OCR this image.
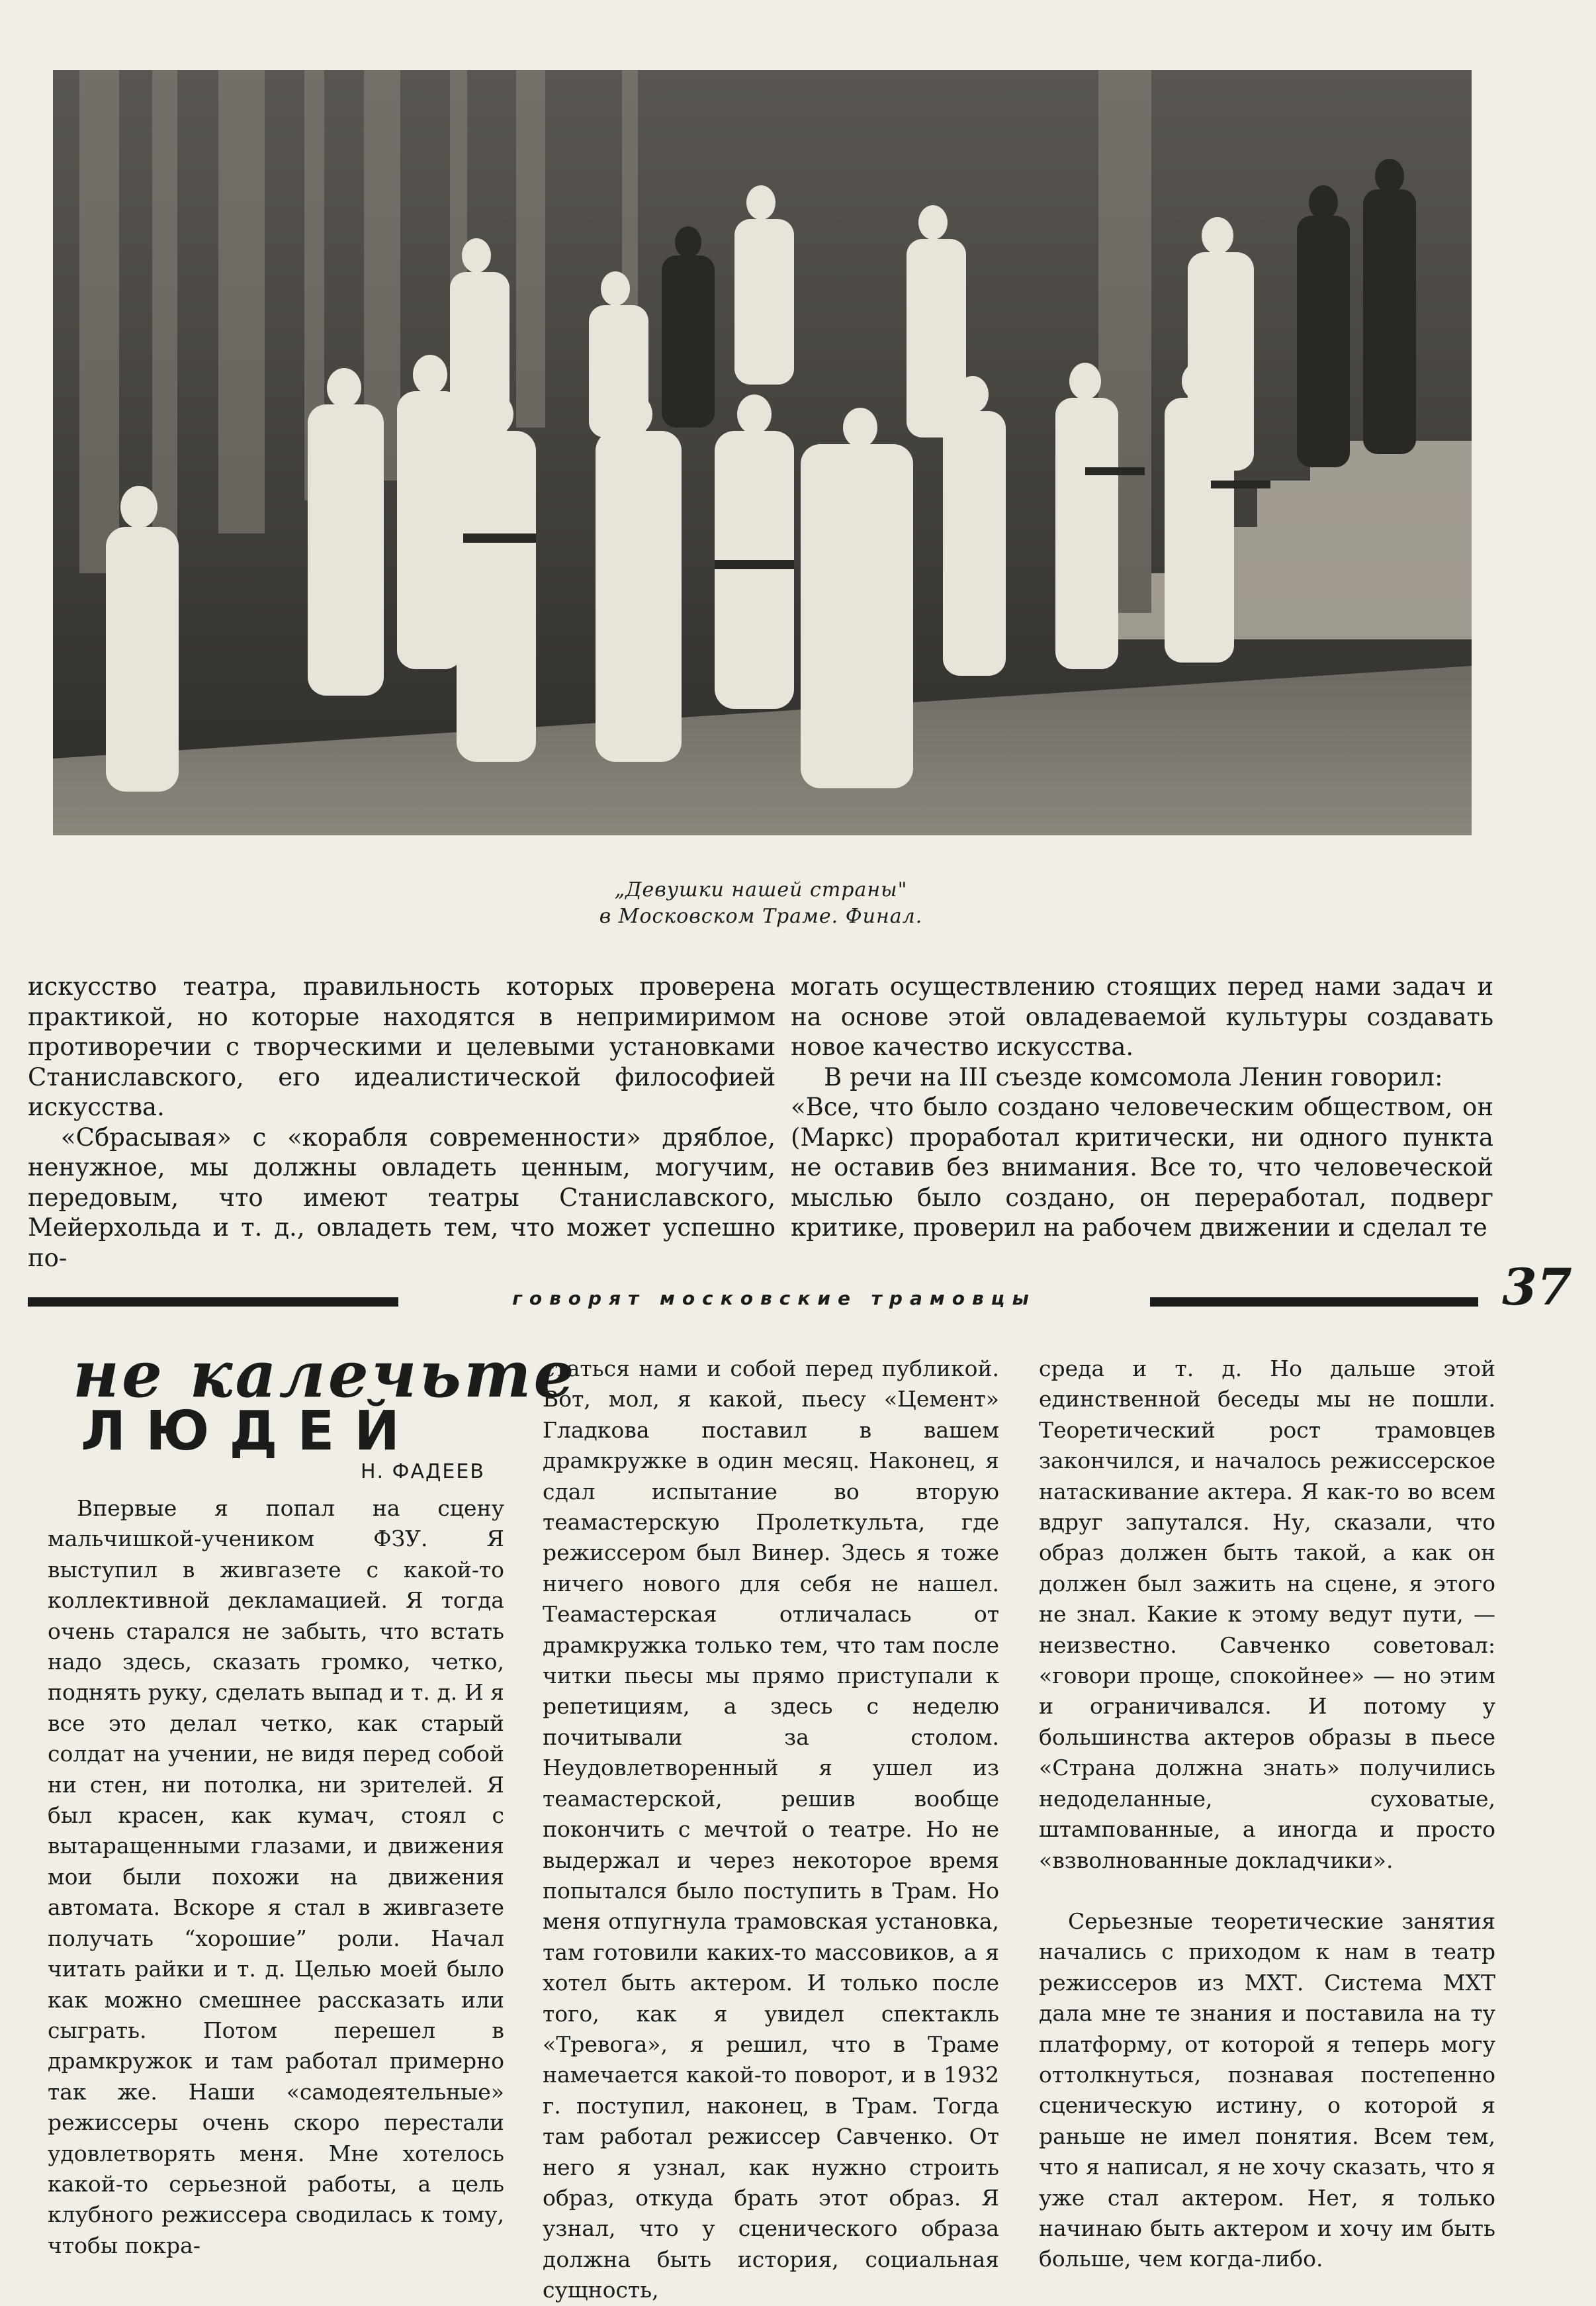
„Девушки нашей страны"
в Московском Траме. Финал.

искусство театра, правильность которых проверена практикой, но которые находятся в непримиримом противоречии с творческими и целевыми установками Станиславского, его идеалистической философией искусства.

«Сбрасывая» с «корабля современности» дряблое, ненужное, мы должны овладеть ценным, могучим, передовым, что имеют театры Станиславского, Мейерхольда и т. д., овладеть тем, что может успешно по-

могать осуществлению стоящих перед нами задач и на основе этой овладеваемой культуры создавать новое качество искусства.

В речи на III съезде комсомола Ленин говорил:

«Все, что было создано человеческим обществом, он (Маркс) проработал критически, ни одного пункта не оставив без внимания. Все то, что человеческой мыслью было создано, он переработал, подверг критике, проверил на рабочем движении и сделал те

говорят московские трамовцы	37
не калечьте
ЛЮДЕЙ
Н. ФАДЕЕВ

Впервые я попал на сцену мальчишкой-учеником ФЗУ. Я выступил в живгазете с какой-то коллективной декламацией. Я тогда очень старался не забыть, что встать надо здесь, сказать громко, четко, поднять руку, сделать выпад и т. д. И я все это делал четко, как старый солдат на учении, не видя перед собой ни стен, ни потолка, ни зрителей. Я был красен, как кумач, стоял с вытаращенными глазами, и движения мои были похожи на движения автомата. Вскоре я стал в живгазете получать “хорошие” роли. Начал читать райки и т. д. Целью моей было как можно смешнее рассказать или сыграть. Потом перешел в драмкружок и там работал примерно так же. Наши «самодеятельные» режиссеры очень скоро перестали удовлетворять меня. Мне хотелось какой-то серьезной работы, а цель клубного режиссера сводилась к тому, чтобы покра-

статься нами и собой перед публикой. Вот, мол, я какой, пьесу «Цемент» Гладкова поставил в вашем драмкружке в один месяц. Наконец, я сдал испытание во вторую теамастерскую Пролеткульта, где режиссером был Винер. Здесь я тоже ничего нового для себя не нашел. Теамастерская отличалась от драмкружка только тем, что там после читки пьесы мы прямо приступали к репетициям, а здесь с неделю почитывали за столом. Неудовлетворенный я ушел из теамастерской, решив вообще покончить с мечтой о театре. Но не выдержал и через некоторое время попытался было поступить в Трам. Но меня отпугнула трамовская установка, там готовили каких-то массовиков, а я хотел быть актером. И только после того, как я увидел спектакль «Тревога», я решил, что в Траме намечается какой-то поворот, и в 1932 г. поступил, наконец, в Трам. Тогда там работал режиссер Савченко. От него я узнал, как нужно строить образ, откуда брать этот образ. Я узнал, что у сценического образа должна быть история, социальная сущность,

среда и т. д. Но дальше этой единственной беседы мы не пошли. Теоретический рост трамовцев закончился, и началось режиссерское натаскивание актера. Я как-то во всем вдруг запутался. Ну, сказали, что образ должен быть такой, а как он должен был зажить на сцене, я этого не знал. Какие к этому ведут пути, — неизвестно. Савченко советовал: «говори проще, спокойнее» — но этим и ограничивался. И потому у большинства актеров образы в пьесе «Страна должна знать» получились недоделанные, суховатые, штампованные, а иногда и просто «взволнованные докладчики».

Серьезные теоретические занятия начались с приходом к нам в театр режиссеров из МХТ. Система МХТ дала мне те знания и поставила на ту платформу, от которой я теперь могу оттолкнуться, познавая постепенно сценическую истину, о которой я раньше не имел понятия. Всем тем, что я написал, я не хочу сказать, что я уже стал актером. Нет, я только начинаю быть актером и хочу им быть больше, чем когда-либо.
